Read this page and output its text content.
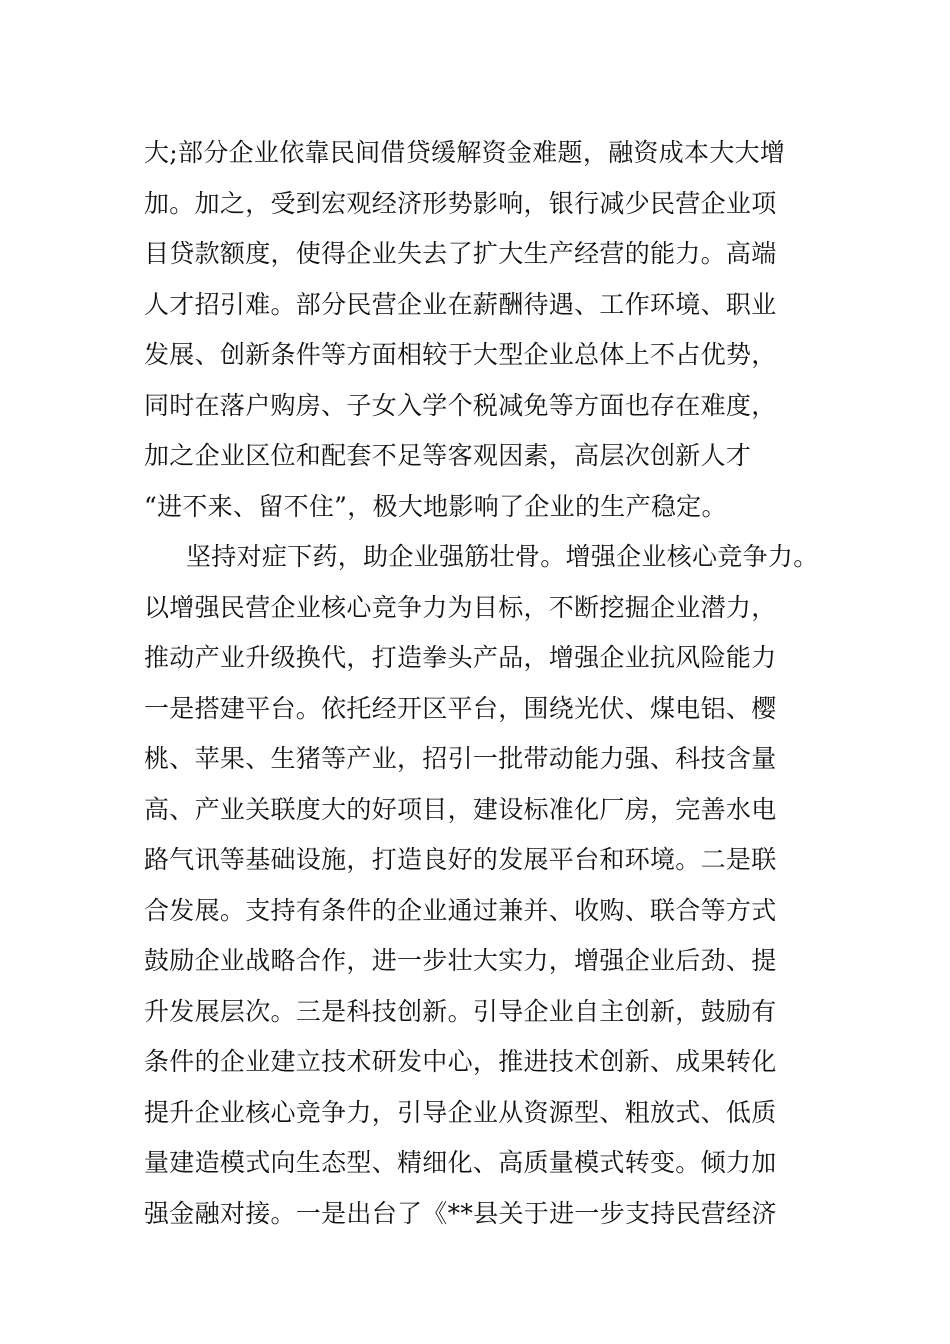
大;部分企业依靠民间借贷缓解资金难题，融资成本大大增
加。加之，受到宏观经济形势影响，银行减少民营企业项
目贷款额度，使得企业失去了扩大生产经营的能力。高端
人才招引难。部分民营企业在薪酬待遇、工作环境、职业
发展、创新条件等方面相较于大型企业总体上不占优势，
同时在落户购房、子女入学个税减免等方面也存在难度，
加之企业区位和配套不足等客观因素，高层次创新人才
“进不来、留不住”，极大地影响了企业的生产稳定。
坚持对症下药，助企业强筋壮骨。增强企业核心竞争力。
以增强民营企业核心竞争力为目标，不断挖掘企业潜力，
推动产业升级换代，打造拳头产品，增强企业抗风险能力
一是搭建平台。依托经开区平台，围绕光伏、煤电铝、樱
桃、苹果、生猪等产业，招引一批带动能力强、科技含量
高、产业关联度大的好项目，建设标准化厂房，完善水电
路气讯等基础设施，打造良好的发展平台和环境。二是联
合发展。支持有条件的企业通过兼并、收购、联合等方式
鼓励企业战略合作，进一步壮大实力，增强企业后劲、提
升发展层次。三是科技创新。引导企业自主创新，鼓励有
条件的企业建立技术研发中心，推进技术创新、成果转化
提升企业核心竞争力，引导企业从资源型、粗放式、低质
量建造模式向生态型、精细化、高质量模式转变。倾力加
强金融对接。一是出台了《**县关于进一步支持民营经济
